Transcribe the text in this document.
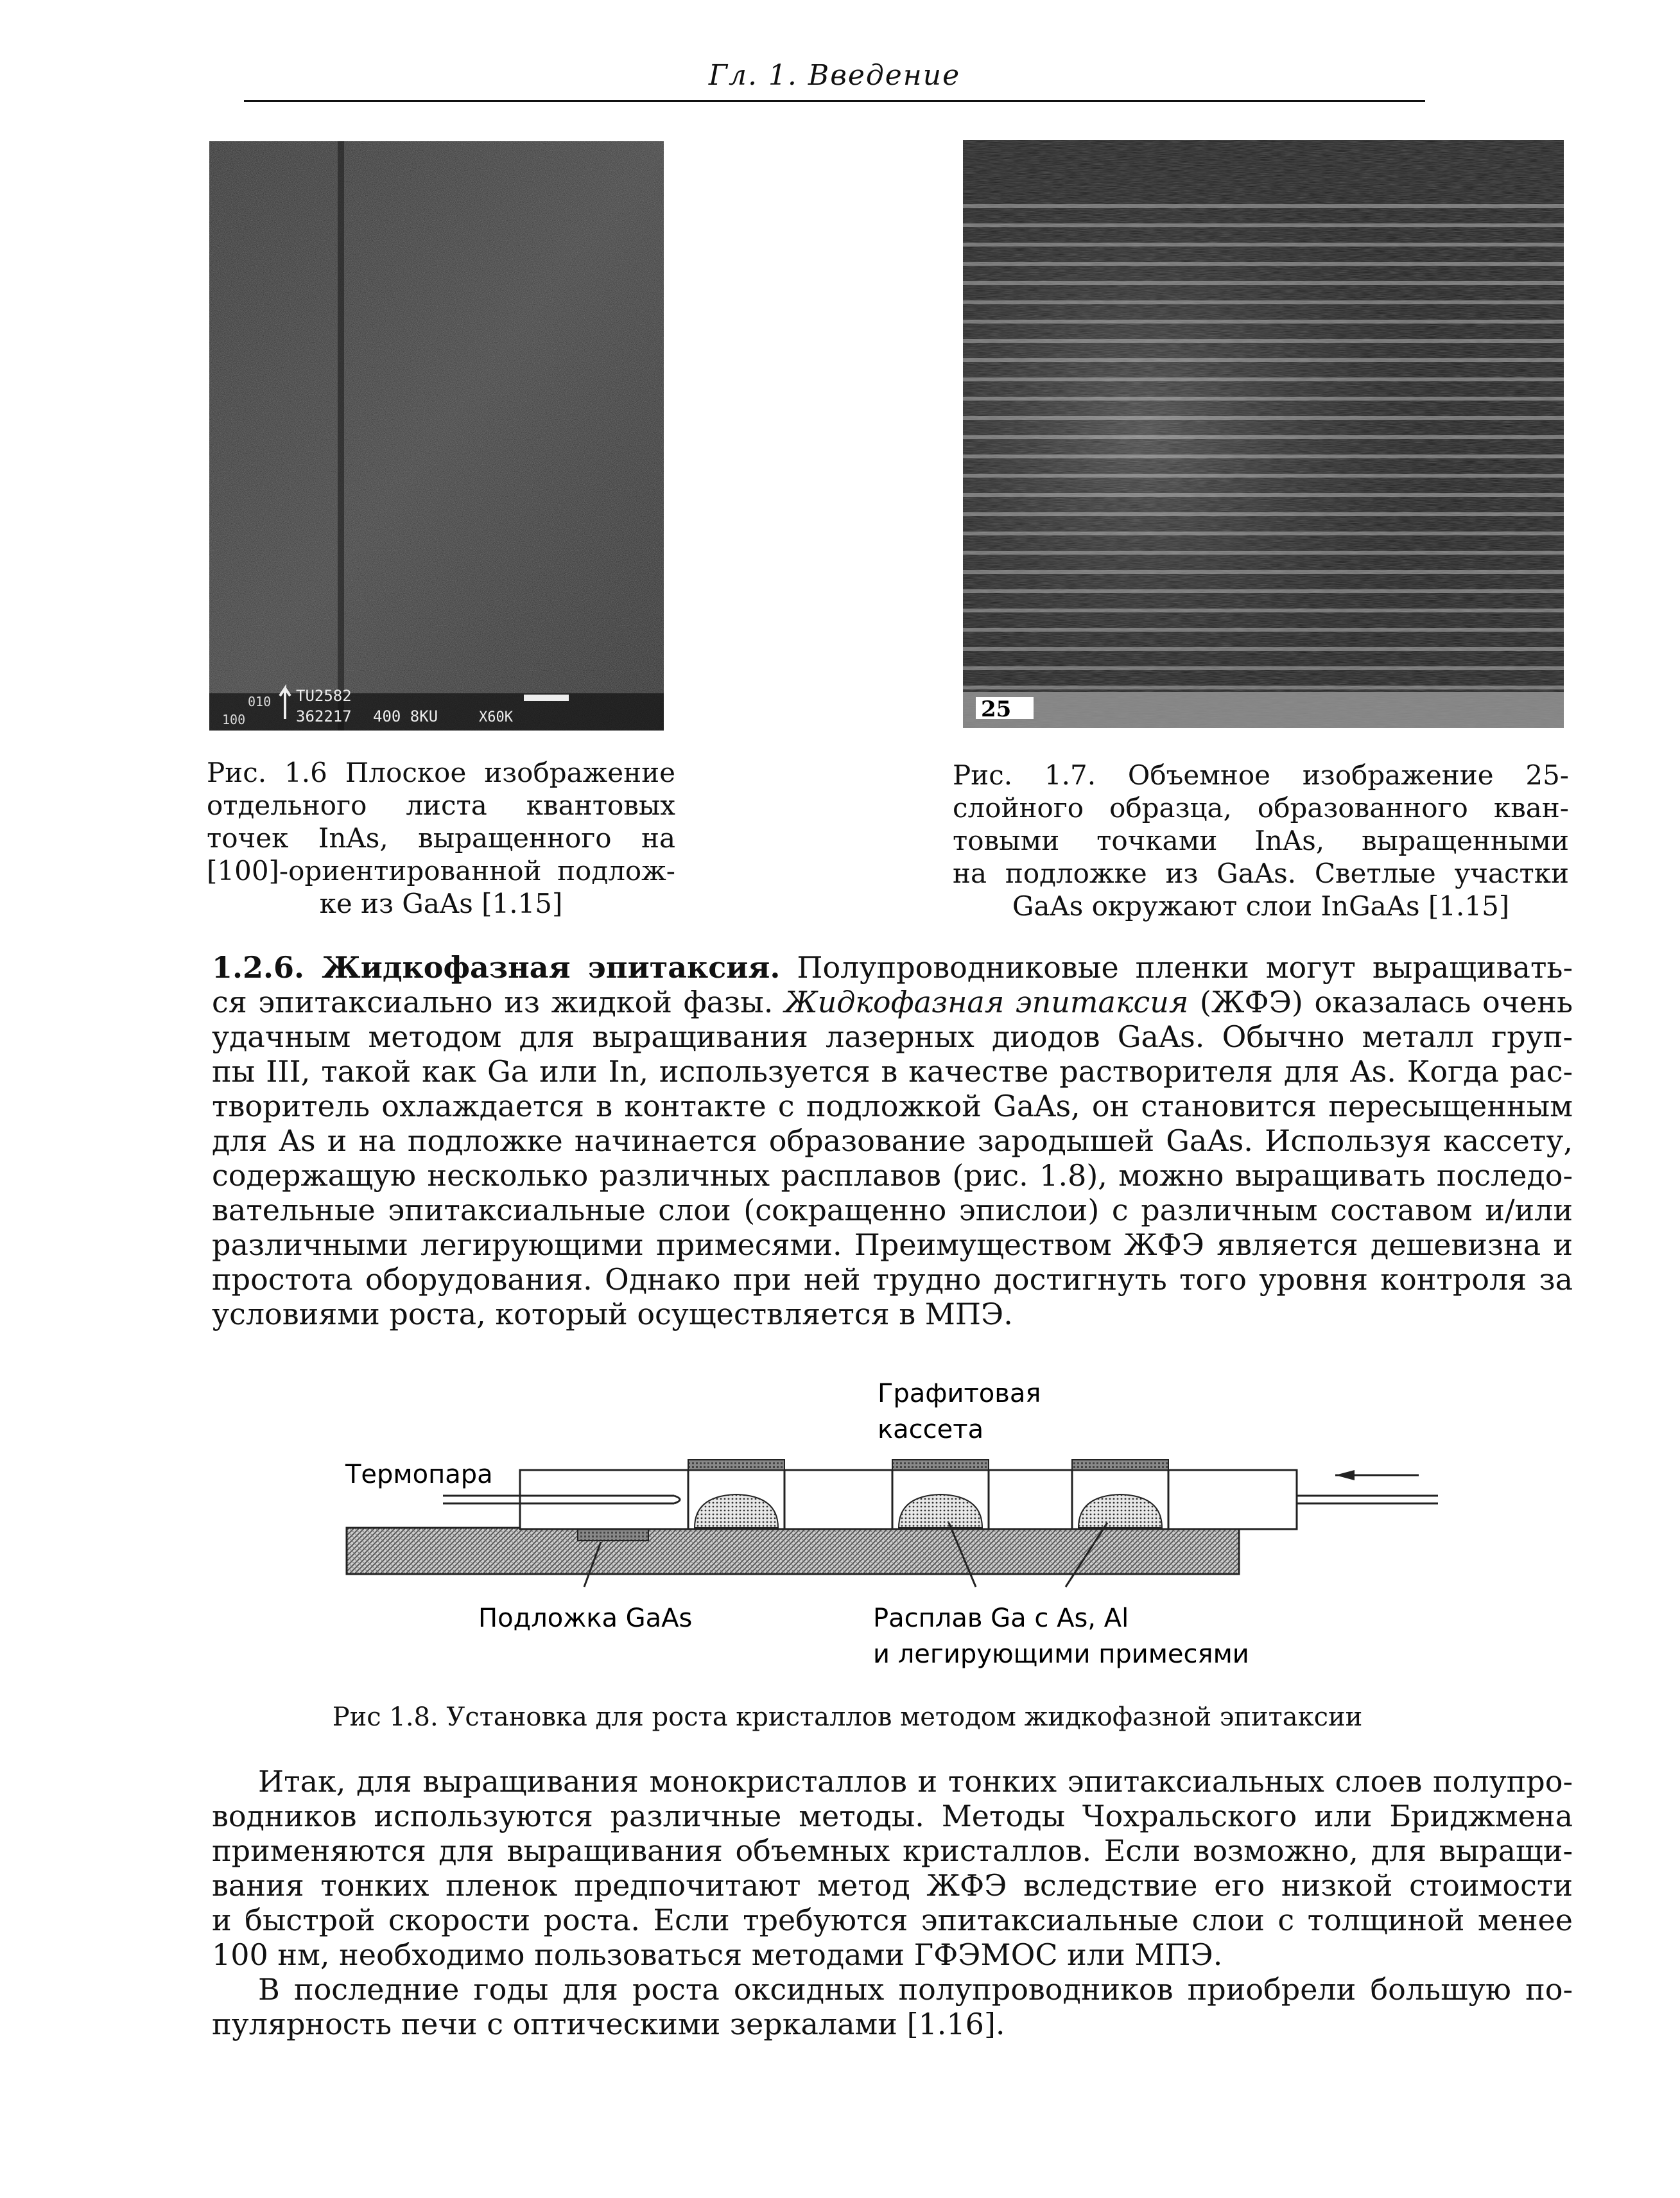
Гл. 1. Введение
010
100
TU2582
362217 400 8KU	X60K
Рис. 1.6 Плоское изображение
отдельного листа квантовых
точек InAs, выращенного на
[100]-ориентированной подлож-
ке из GaAs [1.15]
25
Рис. 1.7. Объемное изображение 25-
слойного образца, образованного кван-
товыми точками InAs, выращенными
на подложке из GaAs. Светлые участки
GaAs окружают слои InGaAs [1.15]
1.2.6. Жидкофазная эпитаксия. Полупроводниковые пленки могут выращивать-
ся эпитаксиально из жидкой фазы. Жидкофазная эпитаксия (ЖФЭ) оказалась очень
удачным методом для выращивания лазерных диодов GaAs. Обычно металл груп-
пы III, такой как Ga или In, используется в качестве растворителя для As. Когда рас-
творитель охлаждается в контакте с подложкой GaAs, он становится пересыщенным
для As и на подложке начинается образование зародышей GaAs. Используя кассету,
содержащую несколько различных расплавов (рис. 1.8), можно выращивать последо-
вательные эпитаксиальные слои (сокращенно эпислои) с различным составом и/или
различными легирующими примесями. Преимуществом ЖФЭ является дешевизна и
простота оборудования. Однако при ней трудно достигнуть того уровня контроля за
условиями роста, который осуществляется в МПЭ.
Графитовая
кассета
Термопара
Подложка GaAs	Расплав Ga с As, Al
и легирующими примесями
Рис 1.8. Установка для роста кристаллов методом жидкофазной эпитаксии
Итак, для выращивания монокристаллов и тонких эпитаксиальных слоев полупро-
водников используются различные методы. Методы Чохральского или Бриджмена
применяются для выращивания объемных кристаллов. Если возможно, для выращи-
вания тонких пленок предпочитают метод ЖФЭ вследствие его низкой стоимости
и быстрой скорости роста. Если требуются эпитаксиальные слои с толщиной менее
100 нм, необходимо пользоваться методами ГФЭМОС или МПЭ.
В последние годы для роста оксидных полупроводников приобрели большую по-
пулярность печи с оптическими зеркалами [1.16].
